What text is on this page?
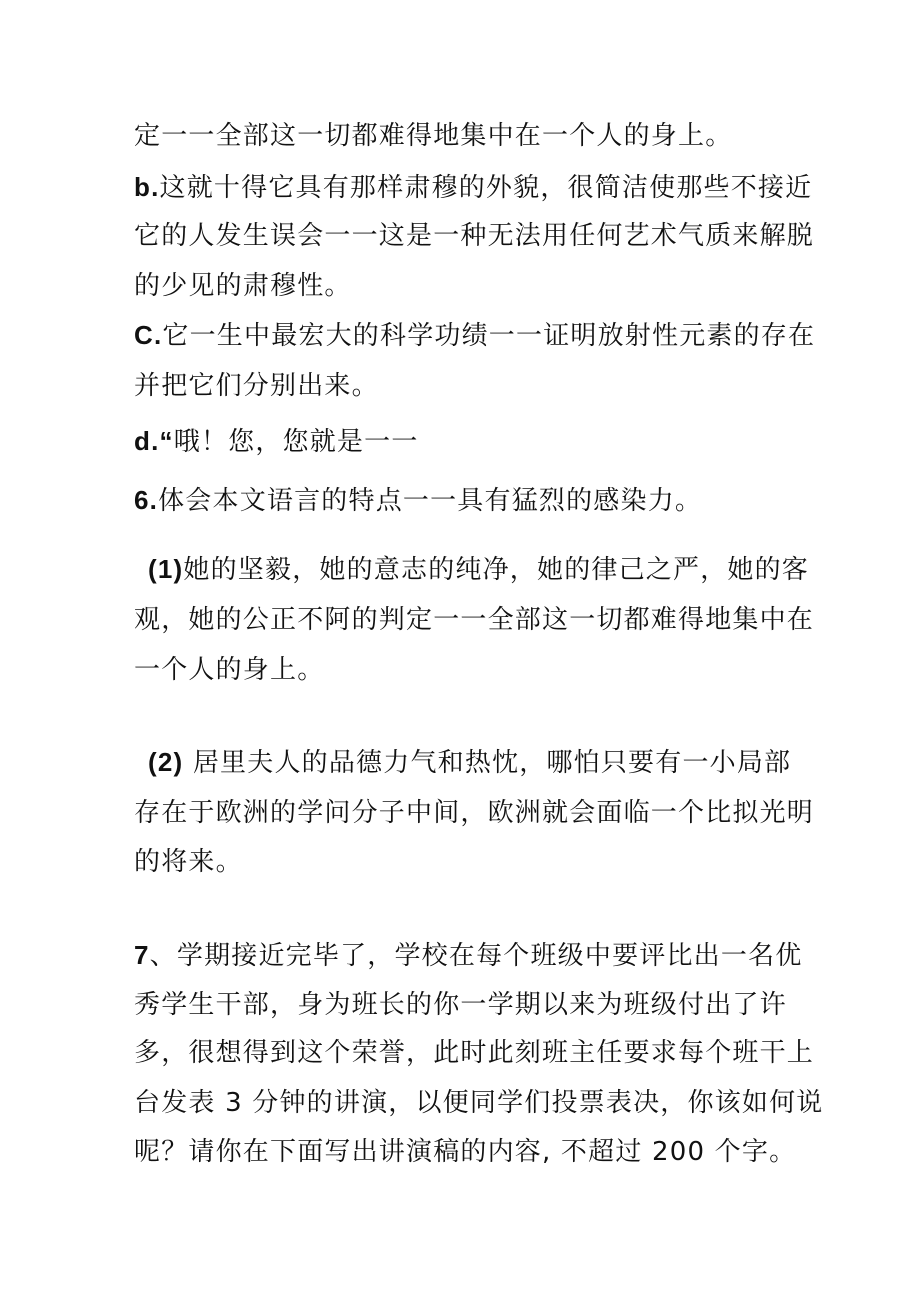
定一一全部这一切都难得地集中在一个人的身上。
b.这就十得它具有那样肃穆的外貌，很简洁使那些不接近
它的人发生误会一一这是一种无法用任何艺术气质来解脱
的少见的肃穆性。
C.它一生中最宏大的科学功绩一一证明放射性元素的存在
并把它们分别出来。
d.“哦！您，您就是一一
6.体会本文语言的特点一一具有猛烈的感染力。
(1)她的坚毅，她的意志的纯净，她的律己之严，她的客
观，她的公正不阿的判定一一全部这一切都难得地集中在
一个人的身上。
(2) 居里夫人的品德力气和热忱，哪怕只要有一小局部
存在于欧洲的学问分子中间，欧洲就会面临一个比拟光明
的将来。
7、学期接近完毕了，学校在每个班级中要评比出一名优
秀学生干部，身为班长的你一学期以来为班级付出了许
多，很想得到这个荣誉，此时此刻班主任要求每个班干上
台发表 3 分钟的讲演，以便同学们投票表决，你该如何说
呢？请你在下面写出讲演稿的内容, 不超过 200 个字。
